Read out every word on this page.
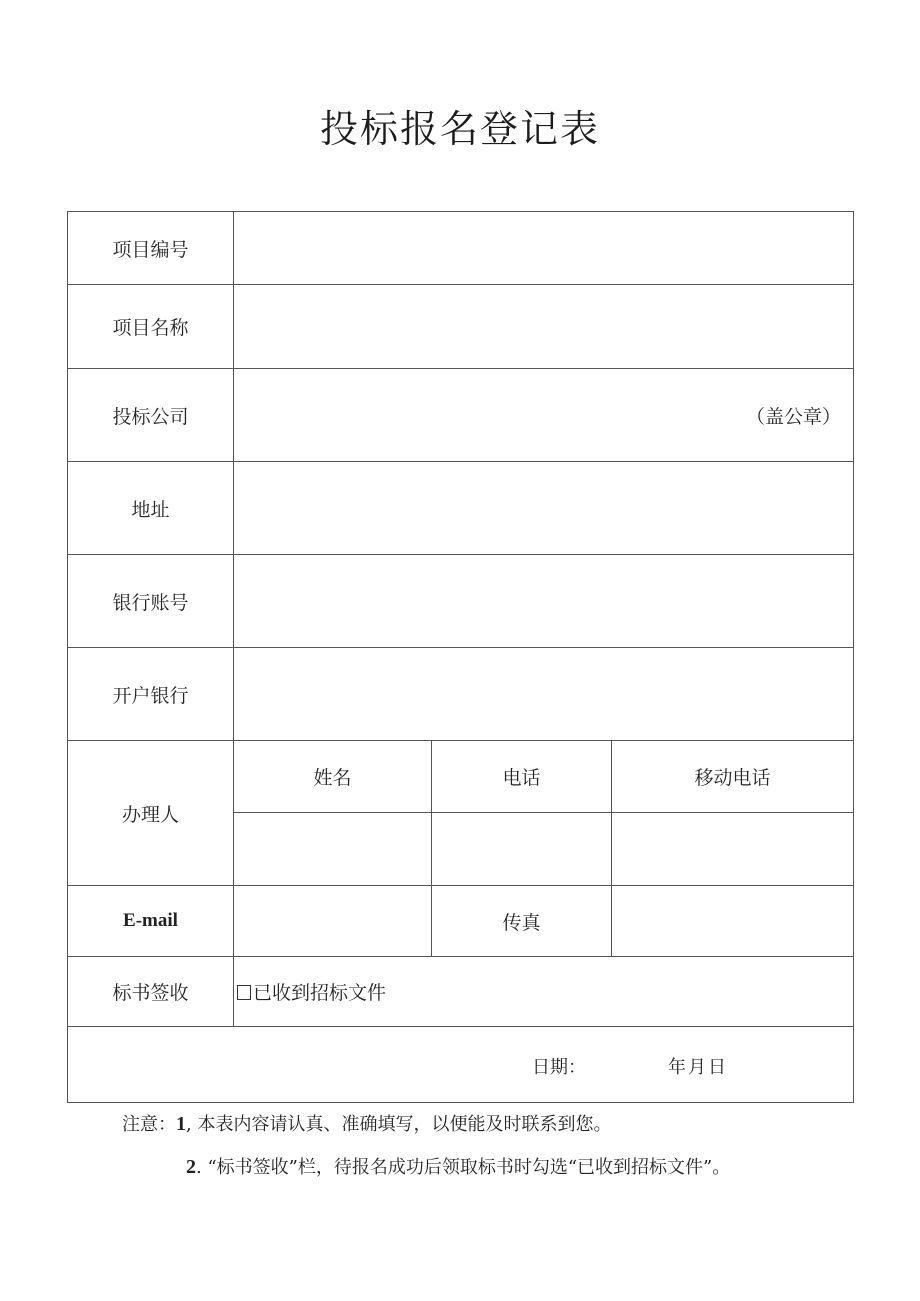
投标报名登记表
项目编号			
项目名称			
投标公司	（盖公章）		
地址			
银行账号			
开户银行			
办理人	姓名	电话	移动电话

E-mail		传真	
标书签收	已收到招标文件		

日期： 年月日			
注意：1, 本表内容请认真、准确填写，以便能及时联系到您。
2. “标书签收”栏，待报名成功后领取标书时勾选“已收到招标文件”。
